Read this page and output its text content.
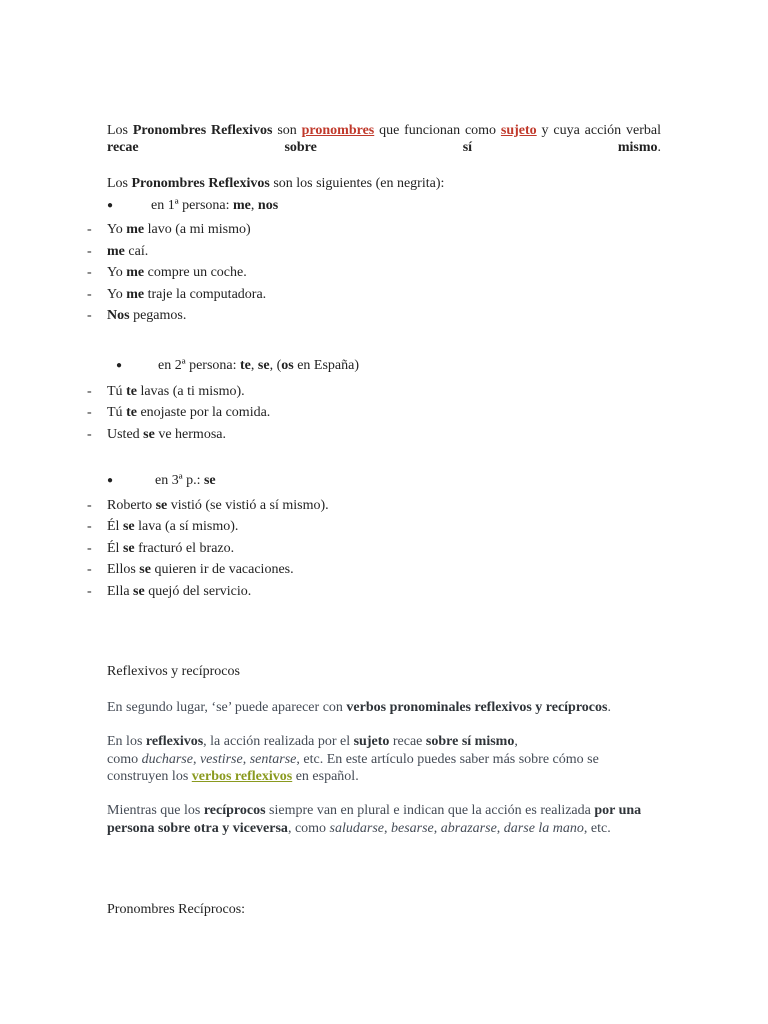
Los Pronombres Reflexivos son pronombres que funcionan como sujeto y cuya acción verbal recae	sobre	sí	mismo.

Los Pronombres Reflexivos son los siguientes (en negrita):

●	en 1ª persona: me, nos
- Yo me lavo (a mi mismo)
- me caí.
- Yo me compre un coche.
- Yo me traje la computadora.
- Nos pegamos.
●	en 2ª persona: te, se, (os en España)
- Tú te lavas (a ti mismo).
- Tú te enojaste por la comida.
- Usted se ve hermosa.
●	en 3ª p.: se
- Roberto se vistió (se vistió a sí mismo).
- Él se lava (a sí mismo).
- Él se fracturó el brazo.
- Ellos se quieren ir de vacaciones.
- Ella se quejó del servicio.
Reflexivos y recíprocos

En segundo lugar, ‘se’ puede aparecer con verbos pronominales reflexivos y recíprocos.

En los reflexivos, la acción realizada por el sujeto recae sobre sí mismo,
como ducharse, vestirse, sentarse, etc. En este artículo puedes saber más sobre cómo se construyen los verbos reflexivos en español.

Mientras que los recíprocos siempre van en plural e indican que la acción es realizada por una persona sobre otra y viceversa, como saludarse, besarse, abrazarse, darse la mano, etc.

Pronombres Recíprocos:
